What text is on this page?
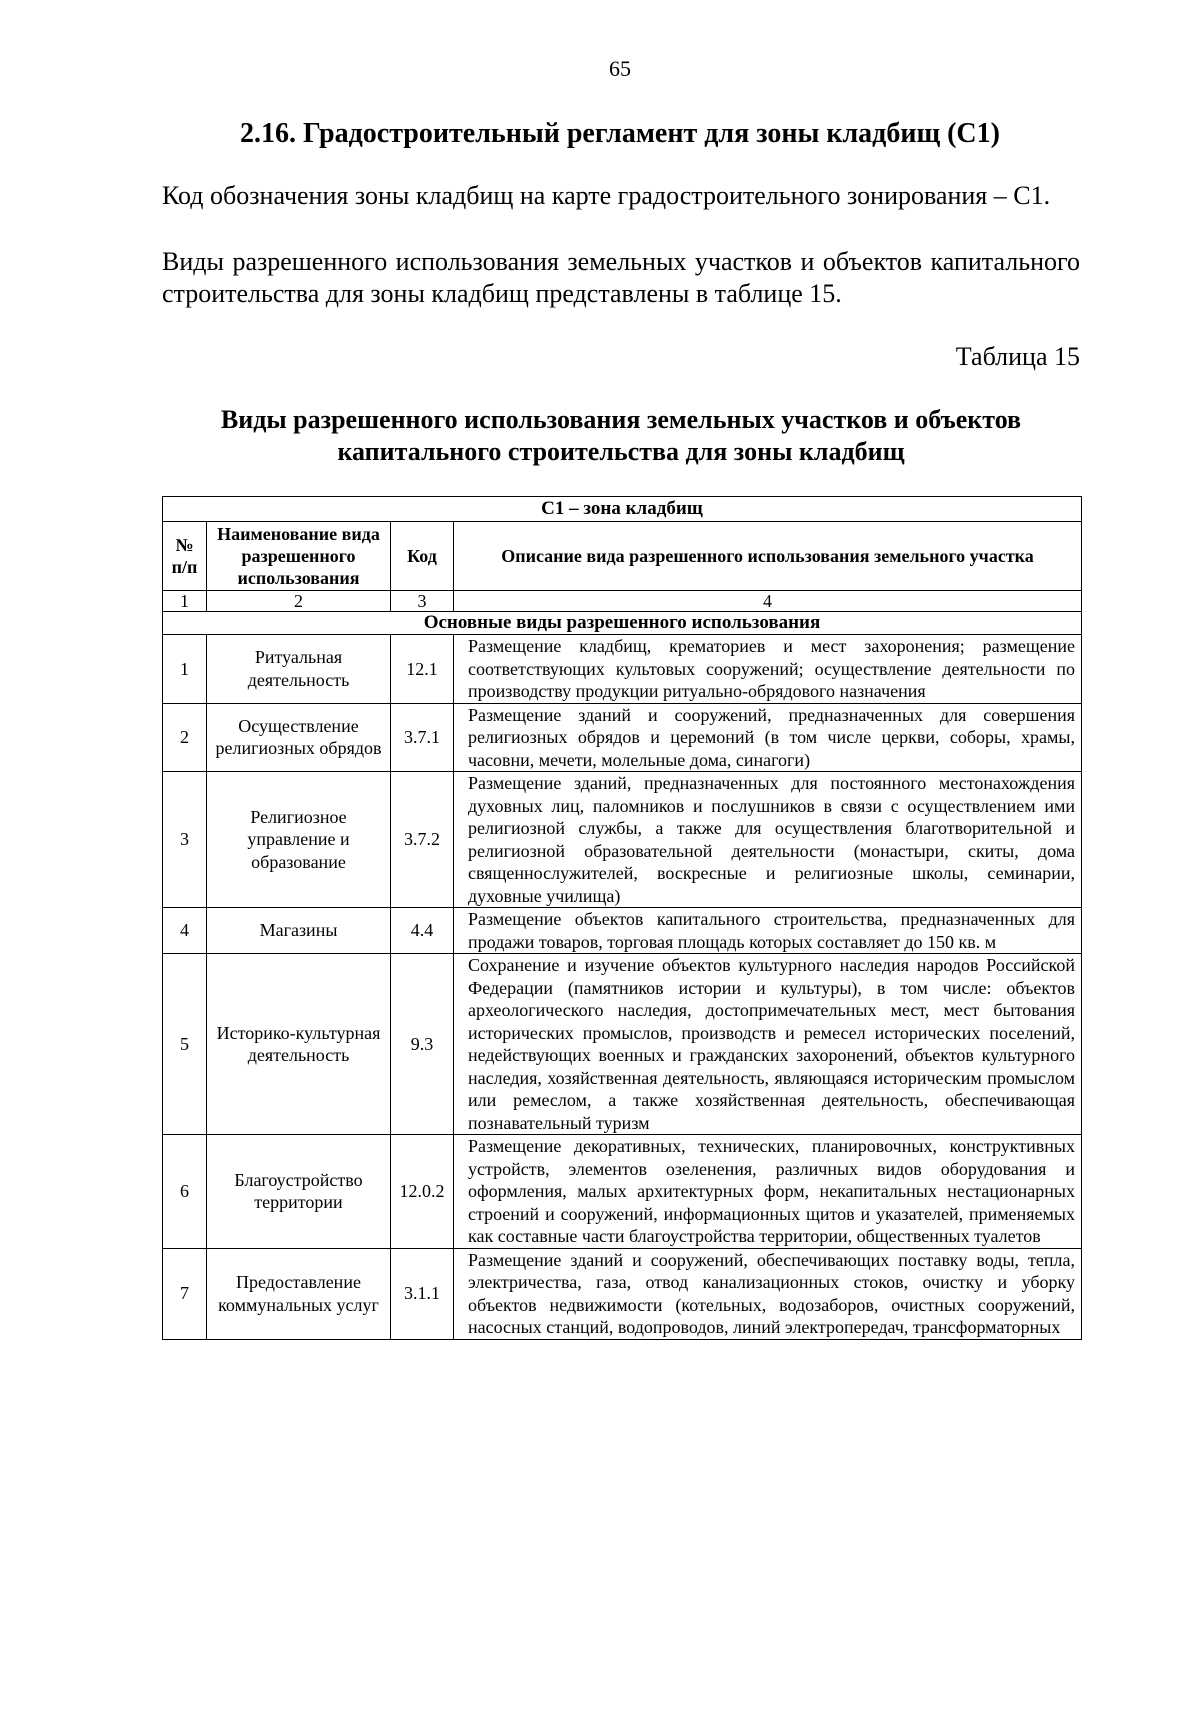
65
2.16. Градостроительный регламент для зоны кладбищ (С1)
Код обозначения зоны кладбищ на карте градостроительного зонирования – С1.
Виды разрешенного использования земельных участков и объектов капитального строительства для зоны кладбищ представлены в таблице 15.
Таблица 15
Виды разрешенного использования земельных участков и объектов
капитального строительства для зоны кладбищ
С1 – зона кладбищ			
№ п/п	Наименование вида разрешенного использования	Код	Описание вида разрешенного использования земельного участка
1	2	3	4
Основные виды разрешенного использования			
1	Ритуальная деятельность	12.1	Размещение кладбищ, крематориев и мест захоронения; размещение соответствующих культовых сооружений; осуществление деятельности по производству продукции ритуально-обрядового назначения
2	Осуществление религиозных обрядов	3.7.1	Размещение зданий и сооружений, предназначенных для совершения религиозных обрядов и церемоний (в том числе церкви, соборы, храмы, часовни, мечети, молельные дома, синагоги)
3	Религиозное управление и образование	3.7.2	Размещение зданий, предназначенных для постоянного местонахождения духовных лиц, паломников и послушников в связи с осуществлением ими религиозной службы, а также для осуществления благотворительной и религиозной образовательной деятельности (монастыри, скиты, дома священнослужителей, воскресные и религиозные школы, семинарии, духовные училища)
4	Магазины	4.4	Размещение объектов капитального строительства, предназначенных для продажи товаров, торговая площадь которых составляет до 150 кв. м
5	Историко-культурная деятельность	9.3	Сохранение и изучение объектов культурного наследия народов Российской Федерации (памятников истории и культуры), в том числе: объектов археологического наследия, достопримечательных мест, мест бытования исторических промыслов, производств и ремесел исторических поселений, недействующих военных и гражданских захоронений, объектов культурного наследия, хозяйственная деятельность, являющаяся историческим промыслом или ремеслом, а также хозяйственная деятельность, обеспечивающая познавательный туризм
6	Благоустройство территории	12.0.2	Размещение декоративных, технических, планировочных, конструктивных устройств, элементов озеленения, различных видов оборудования и оформления, малых архитектурных форм, некапитальных нестационарных строений и сооружений, информационных щитов и указателей, применяемых как составные части благоустройства территории, общественных туалетов
7	Предоставление коммунальных услуг	3.1.1	Размещение зданий и сооружений, обеспечивающих поставку воды, тепла, электричества, газа, отвод канализационных стоков, очистку и уборку объектов недвижимости (котельных, водозаборов, очистных сооружений, насосных станций, водопроводов, линий электропередач, трансформаторных
